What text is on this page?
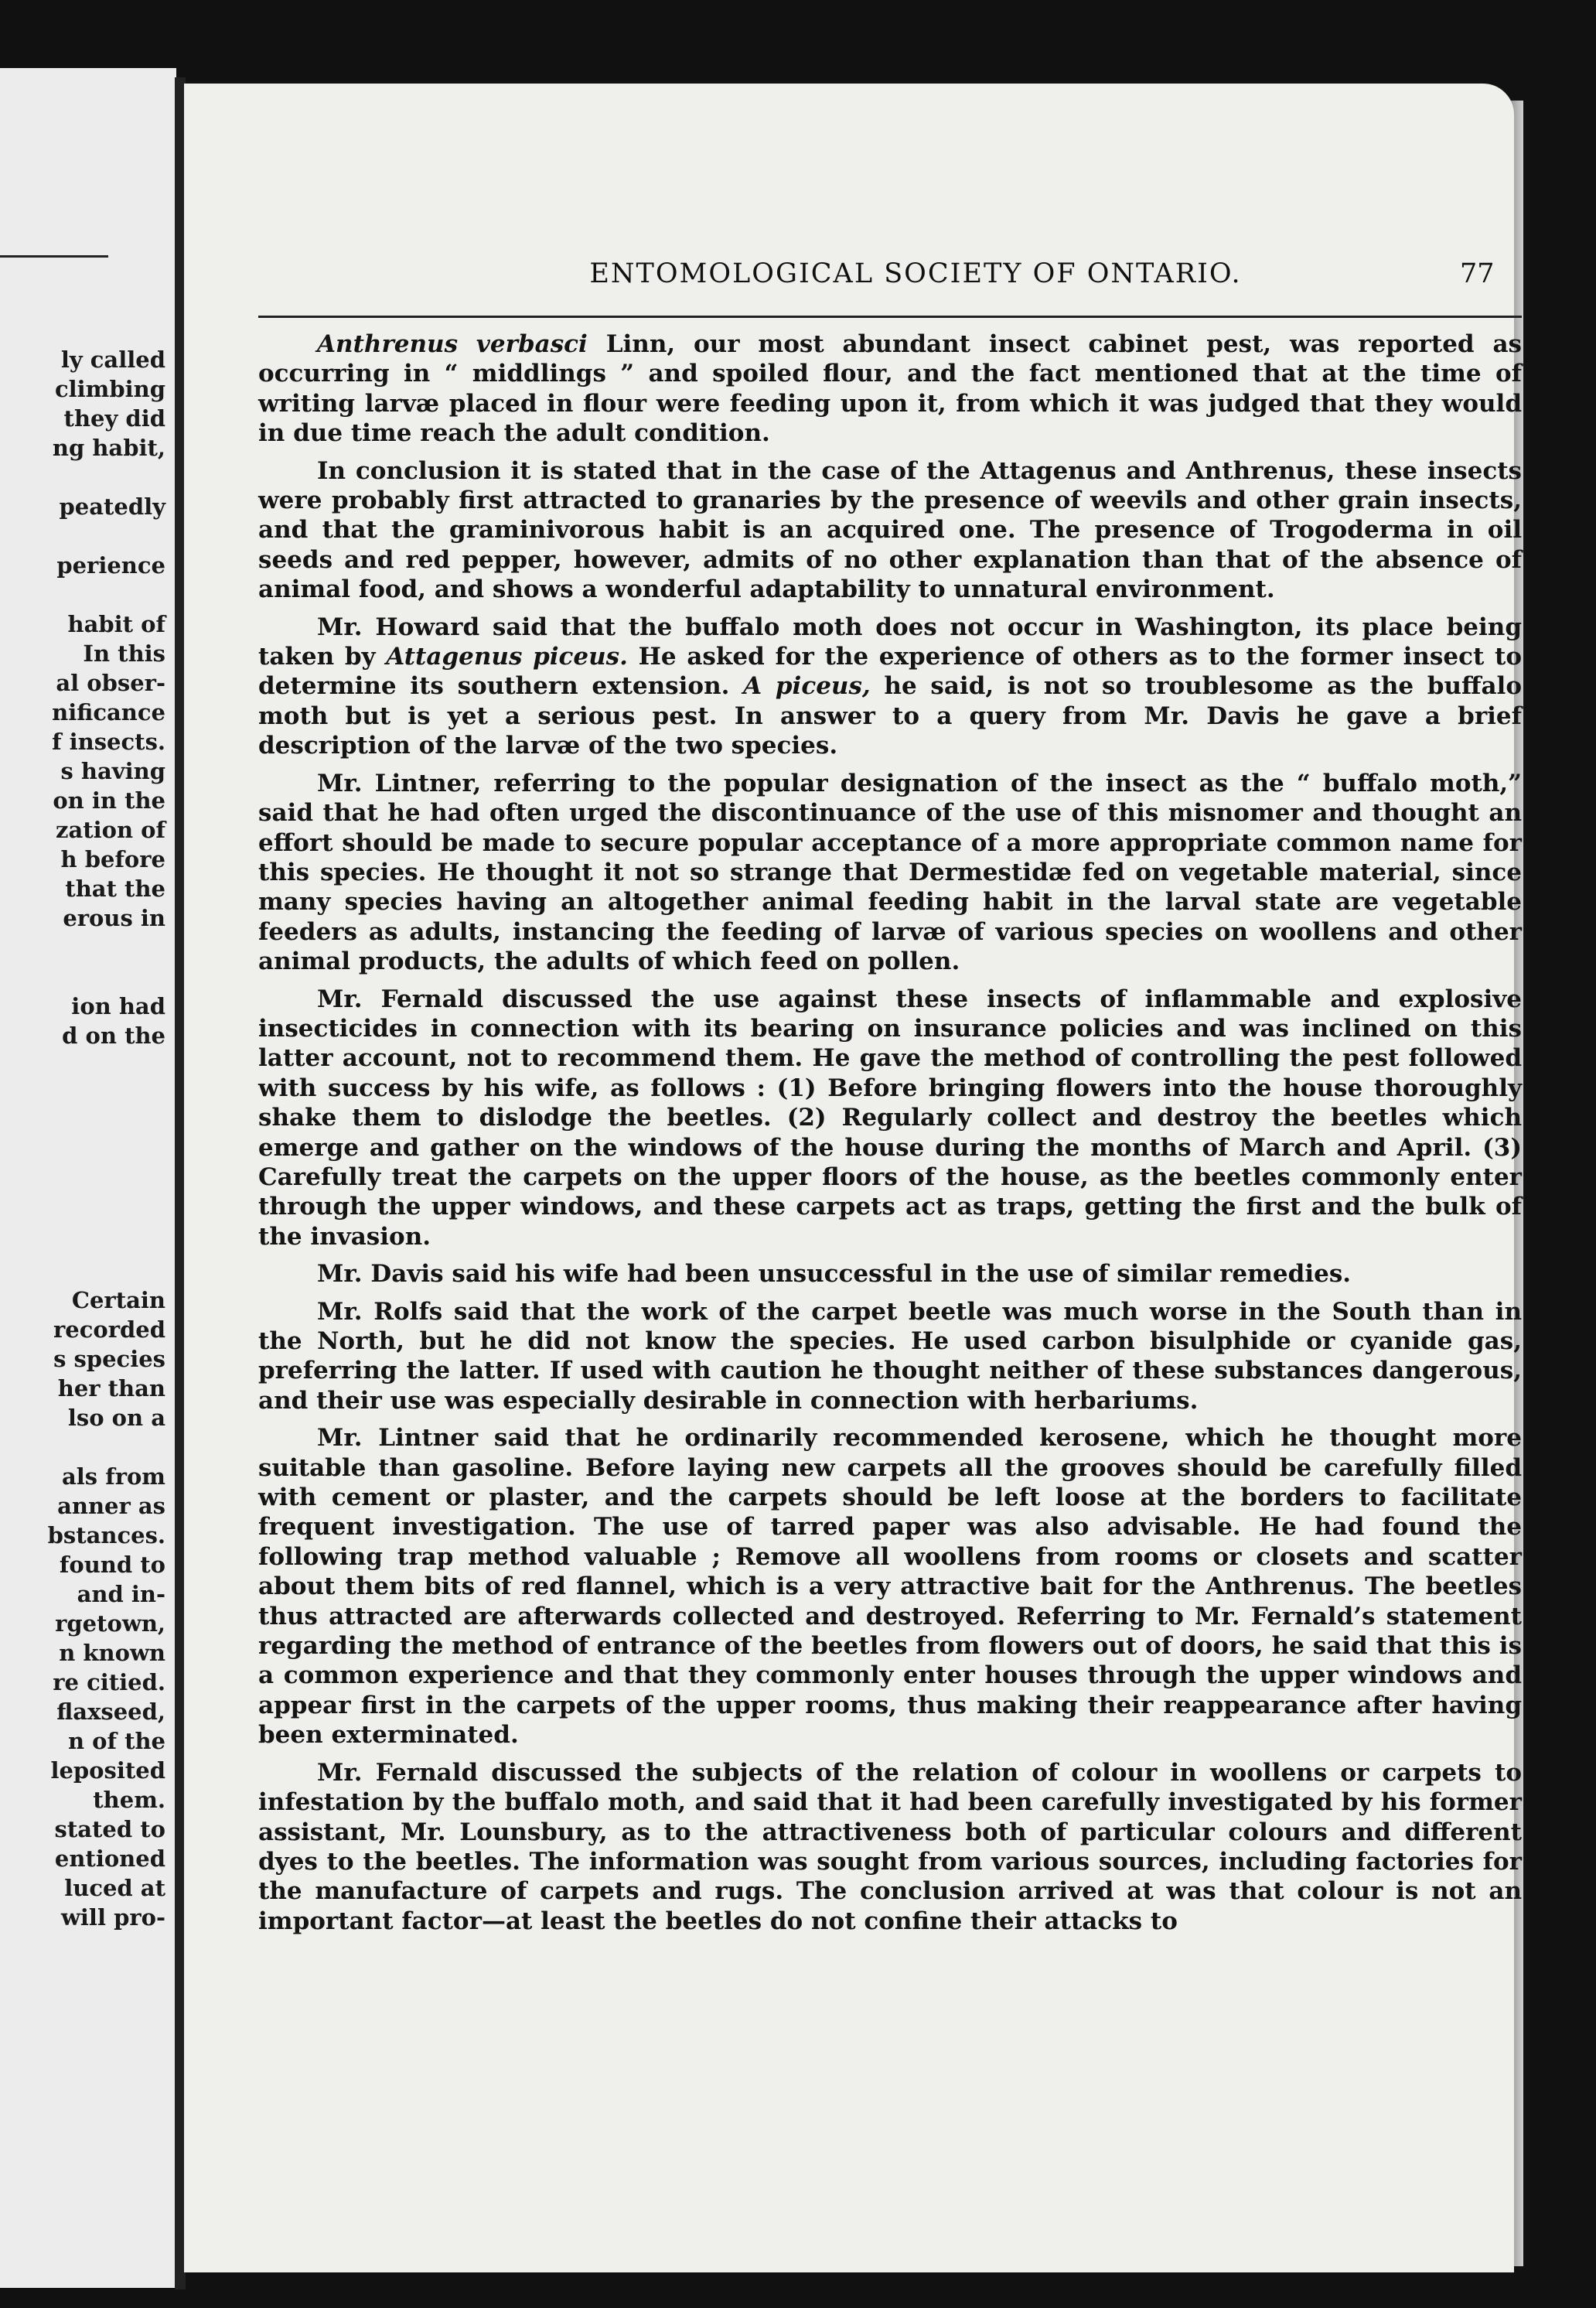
ly called
climbing
they did
ng habit,
peatedly
perience
habit of
In this
al obser-
nificance
f insects.
s having
on in the
zation of
h before
that the
erous in
ion had
d on the
Certain
recorded
s species
her than
lso on a
als from
anner as
bstances.
found to
and in-
rgetown,
n known
re citied.
flaxseed,
n of the
leposited
them.
stated to
entioned
luced at
will pro-
ENTOMOLOGICAL SOCIETY OF ONTARIO.	77

Anthrenus verbasci Linn, our most abundant insect cabinet pest, was reported as occurring in “ middlings ” and spoiled flour, and the fact mentioned that at the time of writing larvæ placed in flour were feeding upon it, from which it was judged that they would in due time reach the adult condition.

In conclusion it is stated that in the case of the Attagenus and Anthrenus, these insects were probably first attracted to granaries by the presence of weevils and other grain insects, and that the graminivorous habit is an acquired one. The presence of Trogoderma in oil seeds and red pepper, however, admits of no other explanation than that of the absence of animal food, and shows a wonderful adaptability to unnatural environment.

Mr. Howard said that the buffalo moth does not occur in Washington, its place being taken by Attagenus piceus. He asked for the experience of others as to the former insect to determine its southern extension. A piceus, he said, is not so troublesome as the buffalo moth but is yet a serious pest. In answer to a query from Mr. Davis he gave a brief description of the larvæ of the two species.

Mr. Lintner, referring to the popular designation of the insect as the “ buffalo moth,” said that he had often urged the discontinuance of the use of this misnomer and thought an effort should be made to secure popular acceptance of a more appropriate common name for this species. He thought it not so strange that Dermestidæ fed on vegetable material, since many species having an altogether animal feeding habit in the larval state are vegetable feeders as adults, instancing the feeding of larvæ of various species on woollens and other animal products, the adults of which feed on pollen.

Mr. Fernald discussed the use against these insects of inflammable and explosive insecticides in connection with its bearing on insurance policies and was inclined on this latter account, not to recommend them. He gave the method of controlling the pest followed with success by his wife, as follows : (1) Before bringing flowers into the house thoroughly shake them to dislodge the beetles. (2) Regularly collect and destroy the beetles which emerge and gather on the windows of the house during the months of March and April. (3) Carefully treat the carpets on the upper floors of the house, as the beetles commonly enter through the upper windows, and these carpets act as traps, getting the first and the bulk of the invasion.

Mr. Davis said his wife had been unsuccessful in the use of similar remedies.

Mr. Rolfs said that the work of the carpet beetle was much worse in the South than in the North, but he did not know the species. He used carbon bisulphide or cyanide gas, preferring the latter. If used with caution he thought neither of these substances dangerous, and their use was especially desirable in connection with herbariums.

Mr. Lintner said that he ordinarily recommended kerosene, which he thought more suitable than gasoline. Before laying new carpets all the grooves should be carefully filled with cement or plaster, and the carpets should be left loose at the borders to facilitate frequent investigation. The use of tarred paper was also advisable. He had found the following trap method valuable ; Remove all woollens from rooms or closets and scatter about them bits of red flannel, which is a very attractive bait for the Anthrenus. The beetles thus attracted are afterwards collected and destroyed. Referring to Mr. Fernald’s statement regarding the method of entrance of the beetles from flowers out of doors, he said that this is a common experience and that they commonly enter houses through the upper windows and appear first in the carpets of the upper rooms, thus making their reappearance after having been exterminated.

Mr. Fernald discussed the subjects of the relation of colour in woollens or carpets to infestation by the buffalo moth, and said that it had been carefully investigated by his former assistant, Mr. Lounsbury, as to the attractiveness both of particular colours and different dyes to the beetles. The information was sought from various sources, including factories for the manufacture of carpets and rugs. The conclusion arrived at was that colour is not an important factor—at least the beetles do not confine their attacks to
